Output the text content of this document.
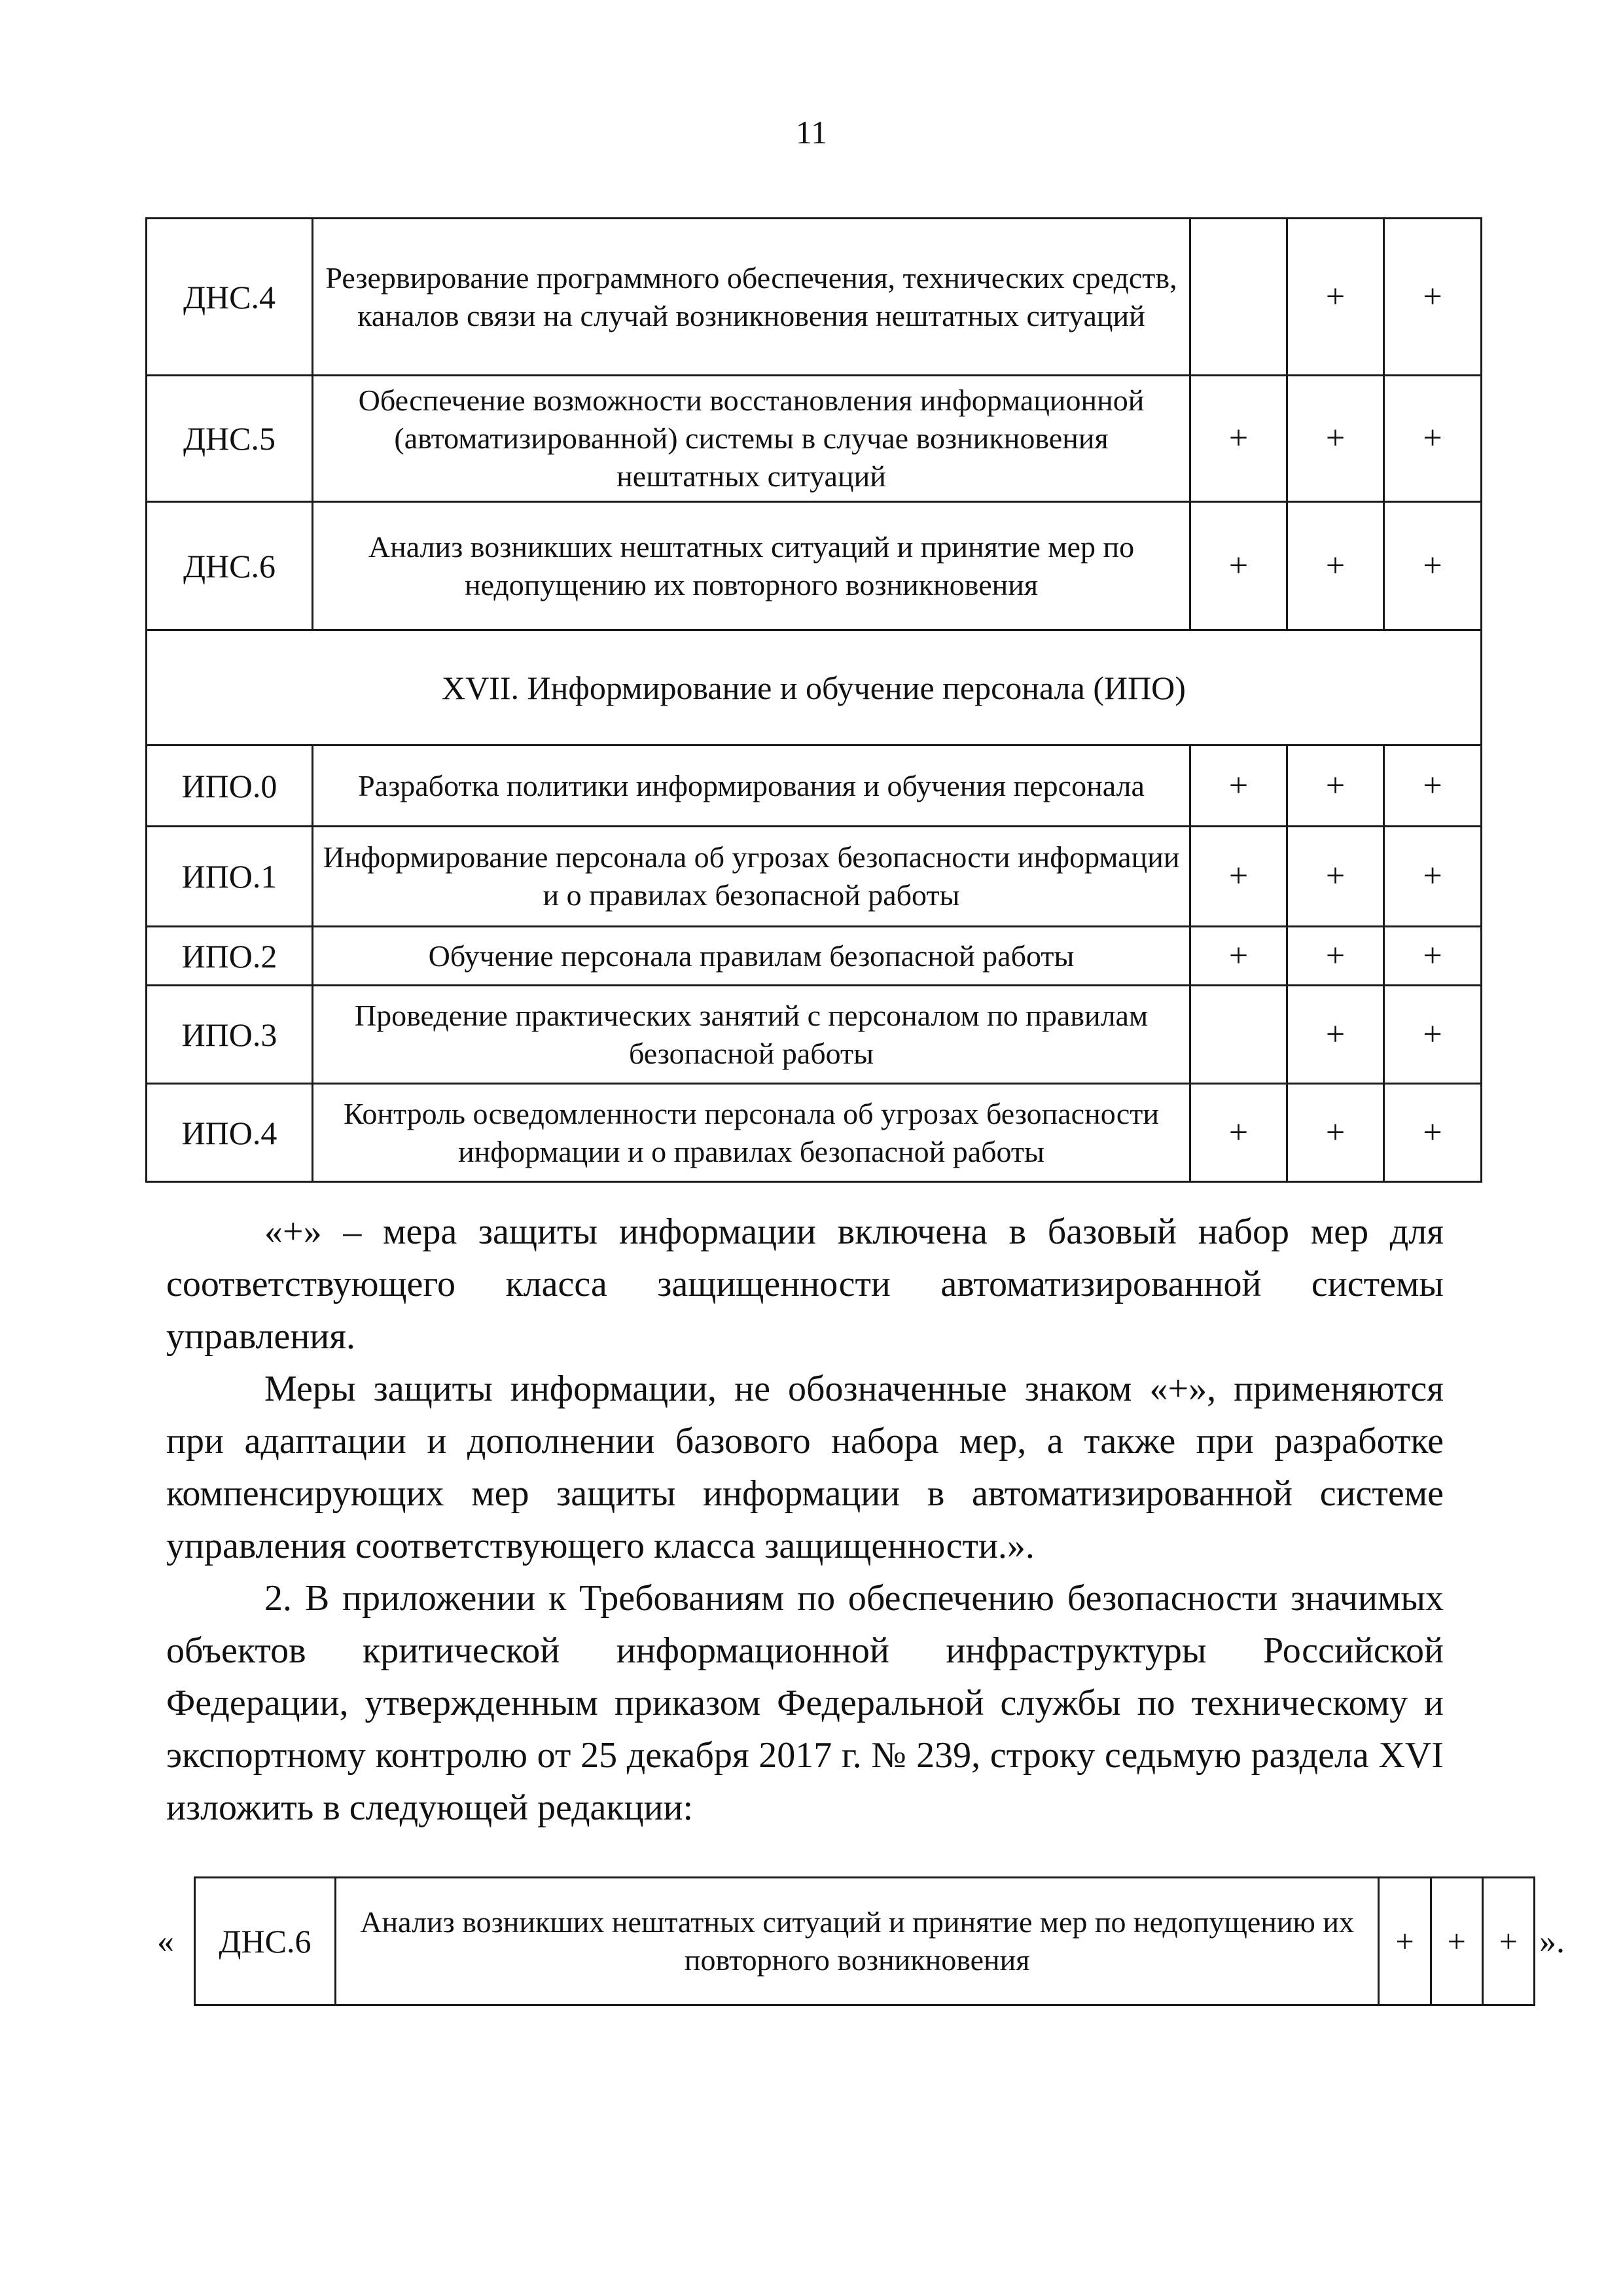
11
ДНС.4	Резервирование программного обеспечения, технических средств, каналов связи на случай возникновения нештатных ситуаций		+	+
ДНС.5	Обеспечение возможности восстановления информационной (автоматизированной) системы в случае возникновения нештатных ситуаций	+	+	+
ДНС.6	Анализ возникших нештатных ситуаций и принятие мер по недопущению их повторного возникновения	+	+	+
XVII. Информирование и обучение персонала (ИПО)				
ИПО.0	Разработка политики информирования и обучения персонала	+	+	+
ИПО.1	Информирование персонала об угрозах безопасности информации и о правилах безопасной работы	+	+	+
ИПО.2	Обучение персонала правилам безопасной работы	+	+	+
ИПО.3	Проведение практических занятий с персоналом по правилам безопасной работы		+	+
ИПО.4	Контроль осведомленности персонала об угрозах безопасности информации и о правилах безопасной работы	+	+	+

«+» – мера защиты информации включена в базовый набор мер для соответствующего класса защищенности автоматизированной системы управления.

Меры защиты информации, не обозначенные знаком «+», применяются при адаптации и дополнении базового набора мер, а также при разработке компенсирующих мер защиты информации в автоматизированной системе управления соответствующего класса защищенности.».

2. В приложении к Требованиям по обеспечению безопасности значимых объектов критической информационной инфраструктуры Российской Федерации, утвержденным приказом Федеральной службы по техническому и экспортному контролю от 25 декабря 2017 г. № 239, строку седьмую раздела XVI изложить в следующей редакции:

« ДНС.6	Анализ возникших нештатных ситуаций и принятие мер по недопущению их повторного возникновения	+	+	+ ».
